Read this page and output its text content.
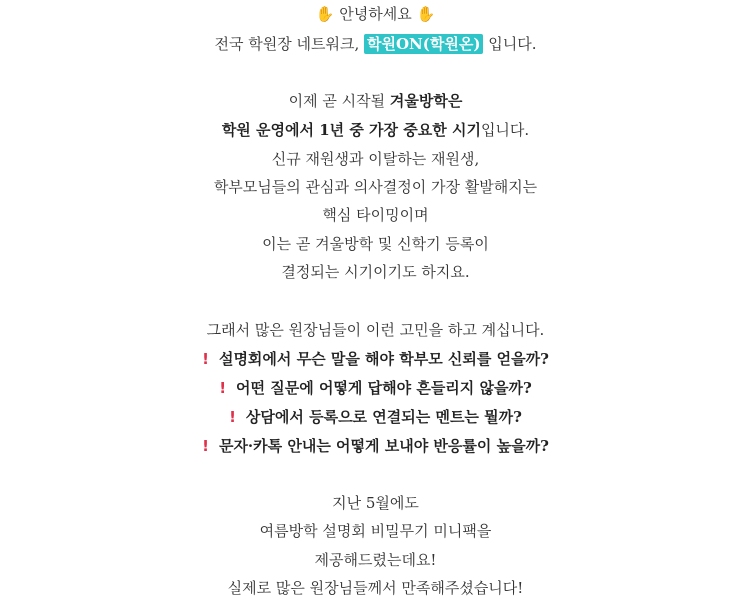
✋ 안녕하세요 ✋
전국 학원장 네트워크, 학원ON(학원온) 입니다.
이제 곧 시작될 겨울방학은
학원 운영에서 1년 중 가장 중요한 시기입니다.
신규 재원생과 이탈하는 재원생,
학부모님들의 관심과 의사결정이 가장 활발해지는
핵심 타이밍이며
이는 곧 겨울방학 및 신학기 등록이
결정되는 시기이기도 하지요.
그래서 많은 원장님들이 이런 고민을 하고 계십니다.
! 설명회에서 무슨 말을 해야 학부모 신뢰를 얻을까?
! 어떤 질문에 어떻게 답해야 흔들리지 않을까?
! 상담에서 등록으로 연결되는 멘트는 뭘까?
! 문자·카톡 안내는 어떻게 보내야 반응률이 높을까?
지난 5월에도
여름방학 설명회 비밀무기 미니팩을
제공해드렸는데요!
실제로 많은 원장님들께서 만족해주셨습니다!
